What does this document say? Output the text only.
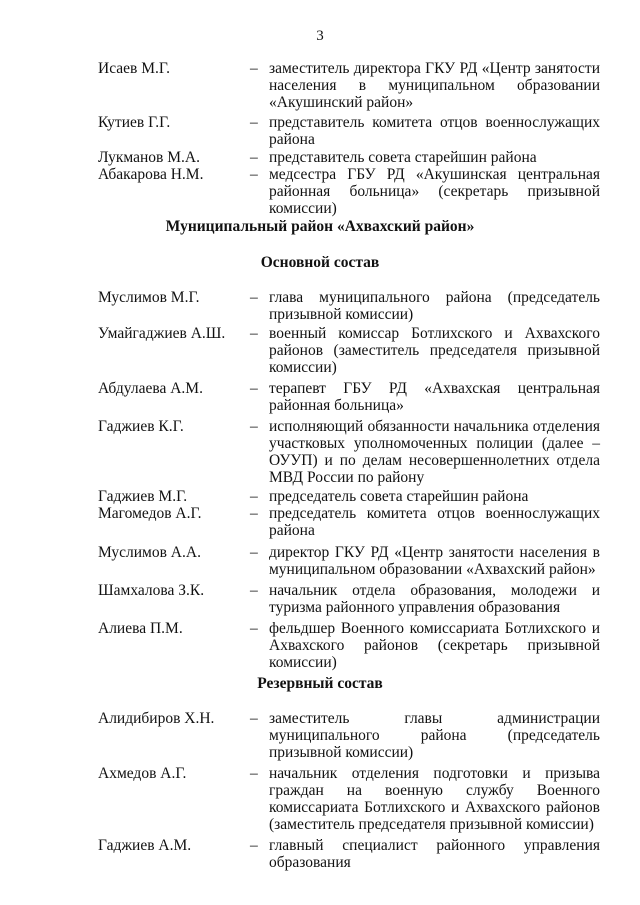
3
Исаев М.Г.	– заместитель директора ГКУ РД «Центр занятости населения в муниципальном образовании «Акушинский район»
Кутиев Г.Г.	– представитель комитета отцов военнослужащих района
Лукманов М.А.	– представитель совета старейшин района
Абакарова Н.М.	– медсестра ГБУ РД «Акушинская центральная районная больница» (секретарь призывной комиссии)
Муниципальный район «Ахвахский район»
Основной состав
Муслимов М.Г.	– глава муниципального района (председатель призывной комиссии)
Умайгаджиев А.Ш.	– военный комиссар Ботлихского и Ахвахского районов (заместитель председателя призывной комиссии)
Абдулаева А.М.	– терапевт ГБУ РД «Ахвахская центральная районная больница»
Гаджиев К.Г.	– исполняющий обязанности начальника отделения участковых уполномоченных полиции (далее – ОУУП) и по делам несовершеннолетних отдела МВД России по району
Гаджиев М.Г.	– председатель совета старейшин района
Магомедов А.Г.	– председатель комитета отцов военнослужащих района
Муслимов А.А.	– директор ГКУ РД «Центр занятости населения в муниципальном образовании «Ахвахский район»
Шамхалова З.К.	– начальник отдела образования, молодежи и туризма районного управления образования
Алиева П.М.	– фельдшер Военного комиссариата Ботлихского и Ахвахского районов (секретарь призывной комиссии)
Резервный состав
Алидибиров Х.Н.	– заместитель главы администрации муниципального района (председатель призывной комиссии)
Ахмедов А.Г.	– начальник отделения подготовки и призыва граждан на военную службу Военного комиссариата Ботлихского и Ахвахского районов (заместитель председателя призывной комиссии)
Гаджиев А.М.	– главный специалист районного управления образования
